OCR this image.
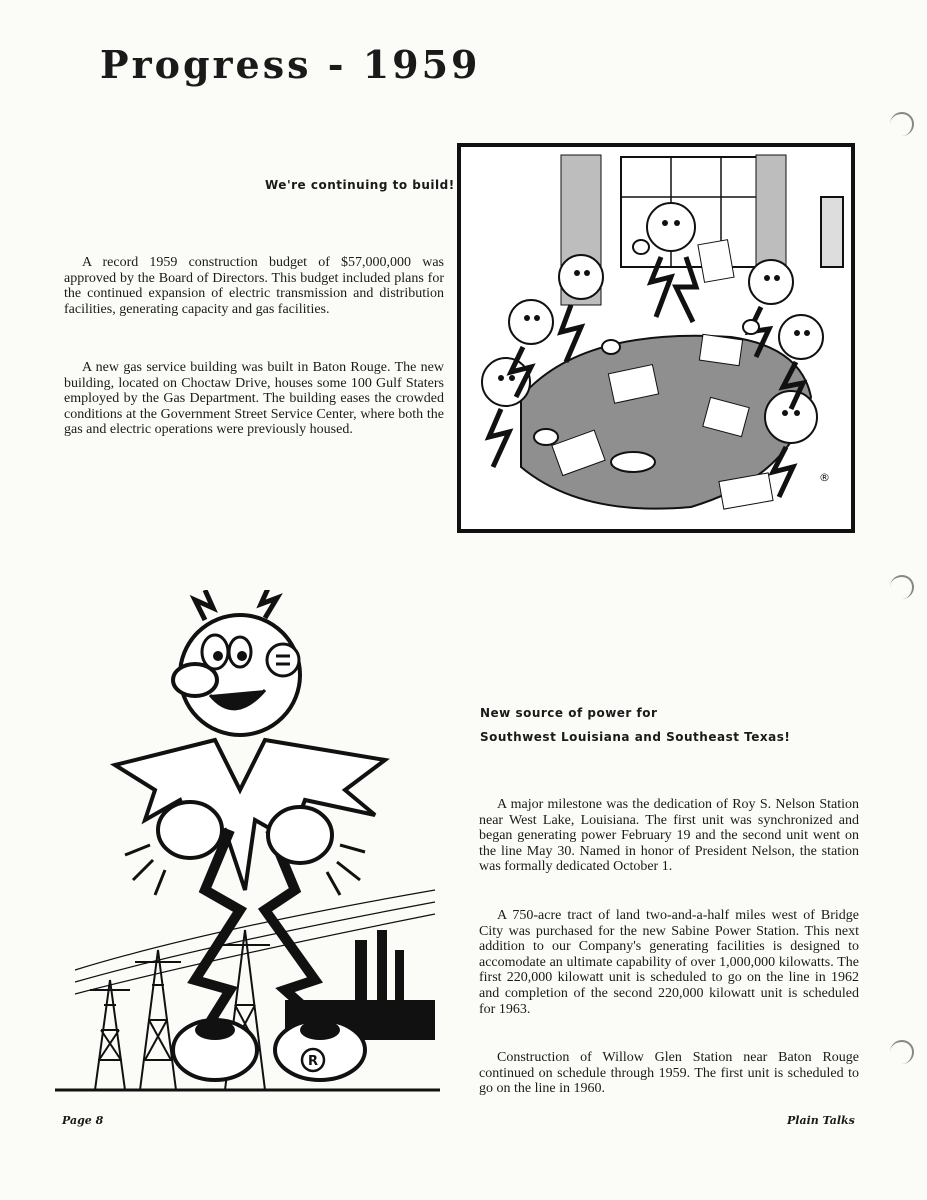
Progress - 1959

We're continuing to build!

A record 1959 construction budget of $57,000,000 was approved by the Board of Directors. This budget included plans for the continued expansion of electric transmission and distribution facilities, generating capacity and gas facilities.

A new gas service building was built in Baton Rouge. The new building, located on Choctaw Drive, houses some 100 Gulf Staters employed by the Gas Department. The building eases the crowded conditions at the Government Street Service Center, where both the gas and electric operations were previously housed.

®
R

New source of power for

Southwest Louisiana and Southeast Texas!

A major milestone was the dedication of Roy S. Nelson Station near West Lake, Louisiana. The first unit was synchronized and began generating power February 19 and the second unit went on the line May 30. Named in honor of President Nelson, the station was formally dedicated October 1.

A 750-acre tract of land two-and-a-half miles west of Bridge City was purchased for the new Sabine Power Station. This next addition to our Company's generating facilities is designed to accomodate an ultimate capability of over 1,000,000 kilowatts. The first 220,000 kilowatt unit is scheduled to go on the line in 1962 and completion of the second 220,000 kilowatt unit is scheduled for 1963.

Construction of Willow Glen Station near Baton Rouge continued on schedule through 1959. The first unit is scheduled to go on the line in 1960.

Page 8	Plain Talks
